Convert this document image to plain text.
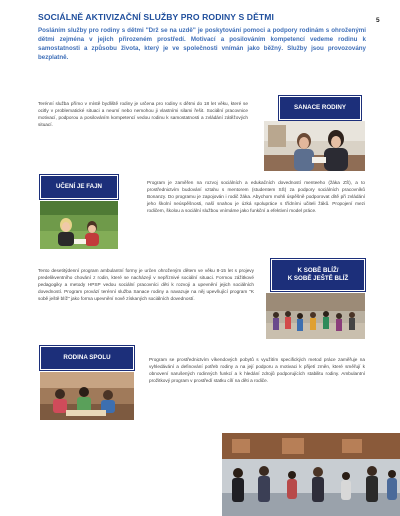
SOCIÁLNĚ AKTIVIZAČNÍ SLUŽBY PRO RODINY S DĚTMI	5
Posláním služby pro rodiny s dětmi "Drž se na uzdě" je poskytování pomoci a podpory rodinám s ohroženými dětmi zejména v jejich přirozeném prostředí. Motivací a posilováním kompetencí vedeme rodinu k samostatnosti a způsobu života, který je ve společnosti vnímán jako běžný. Služby jsou provozovány bezplatně.
Terénní služba přímo v místě bydliště rodiny je určena pro rodiny s dětmi do 18 let věku, které se ocitly v problematické situaci a neumí nebo nemohou ji vlastními silami řešit. Sociální pracovnice motivací, podporou a posilováním kompetencí vedou rodinu k samostatnosti a zvládání zátěžových situací.
SANACE RODINY
UČENÍ JE FAJN
Program je zaměřen na rozvoj sociálních a edukačních dovedností menteeho (žáka ZŠ), a to prostřednictvím budování vztahu s mentorem (studentem SŠ) za podpory sociálních pracovníků Bonanzy. Do programu je zapojován i rodič žáka. Abychom mohli úspěšně podporovat dítě při zvládání jeho školní neúspěšnosti, naší snahou je úzká spolupráce s třídními učiteli žáků. Propojení mezi rodičem, školou a sociální službou vnímáme jako funkční a efektivní model práce.
Tento desetitýdenní program ambulantní formy je určen ohroženým dětem ve věku 8-15 let s projevy predelikventního chování z rodin, které se nacházejí v nepříznivé sociální situaci. Formou zážitkové pedagogiky a metody HPSP vedou sociální pracovníci děti k rozvoji a upevnění jejich sociálních dovedností. Program provází terénní služba Sanace rodiny a navazuje na něj upevňující program "K sobě ještě blíž" jako forma upevnění nově získaných sociálních dovedností.
K SOBĚ BLÍŽ/
K SOBĚ JEŠTĚ BLÍŽ
RODINA SPOLU	Program se prostřednictvím víkendových pobytů s využitím specifických metod práce zaměřuje na vyhledávání a definování potřeb rodiny a na její podporu a motivaci k přijetí změn, které směřují k obnovení narušených rodinných funkcí a k hledání zdrojů podporujících stabilitu rodiny. Ambulantní prožitkový program v prostředí statku cílí na děti a rodiče.
